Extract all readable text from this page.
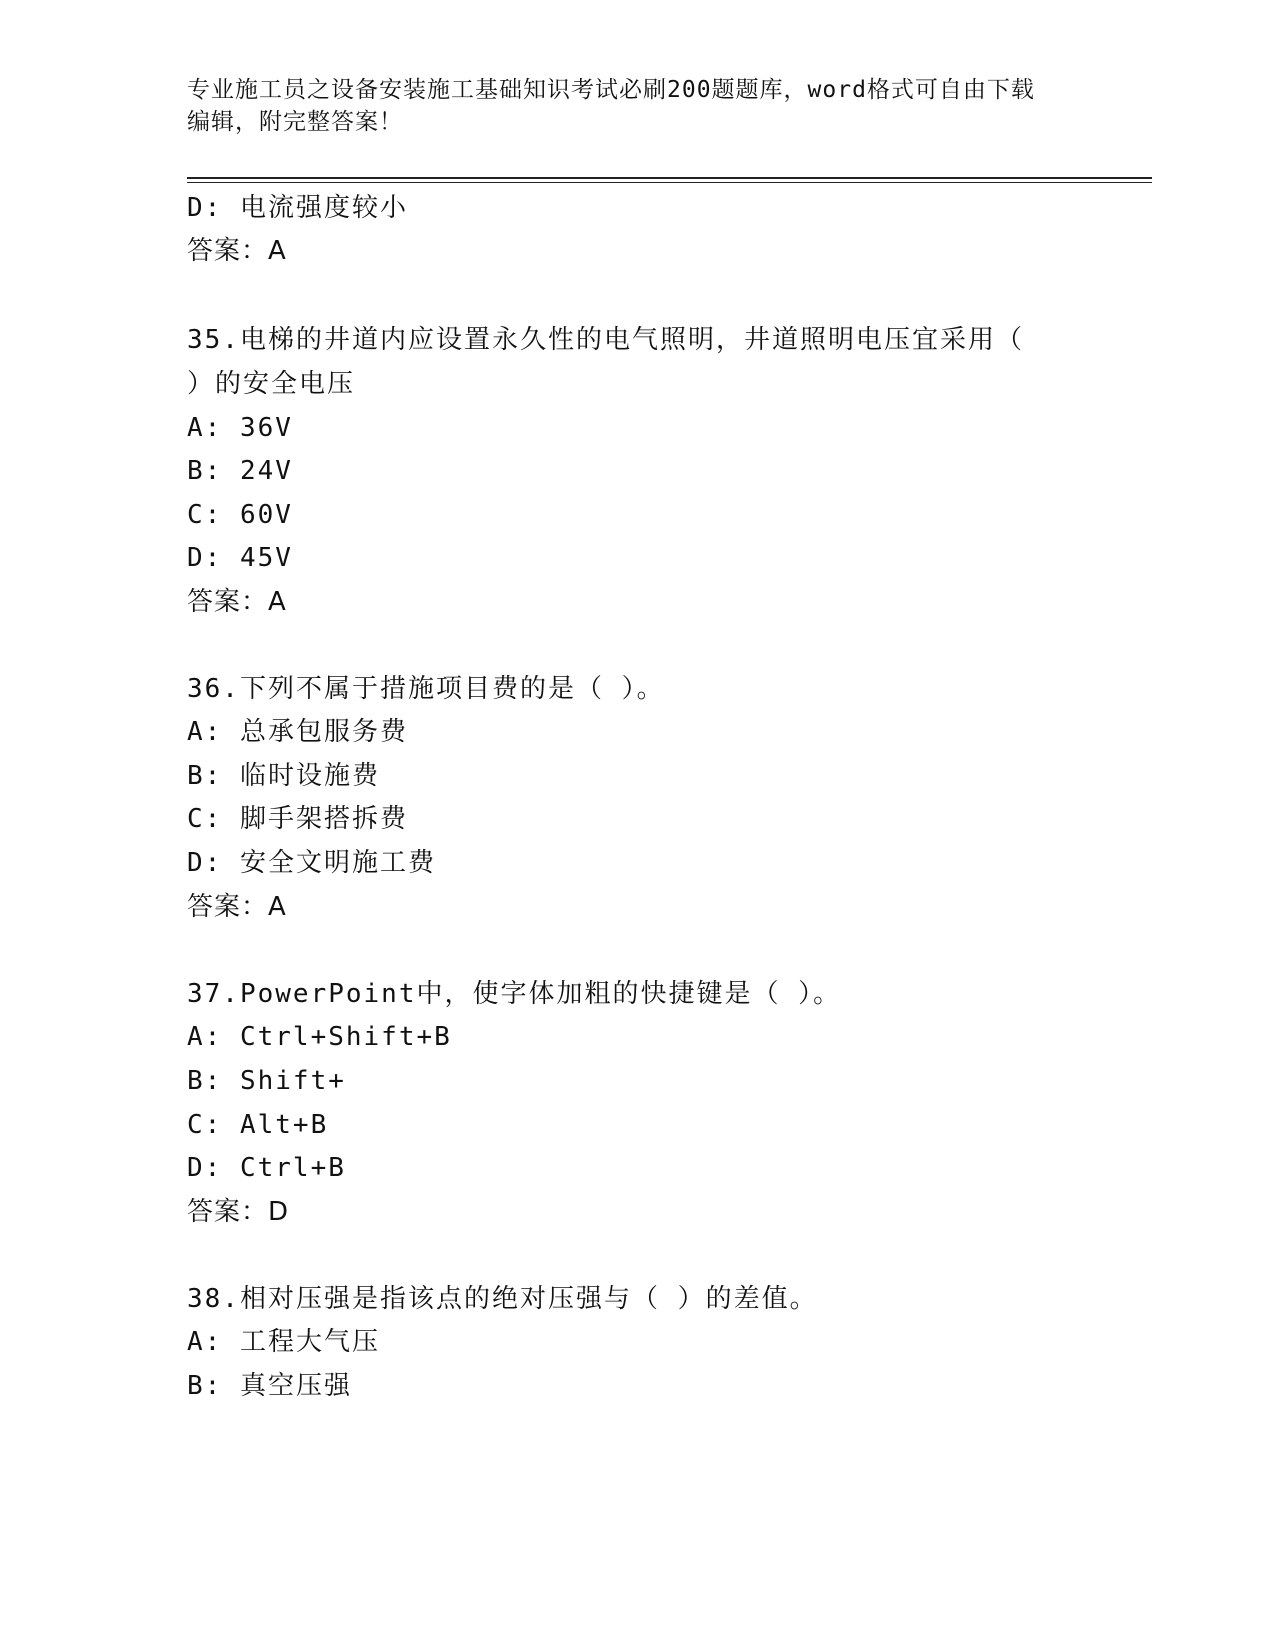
专业施工员之设备安装施工基础知识考试必刷200题题库，word格式可自由下载
编辑，附完整答案！
D: 电流强度较小
答案：A
35.电梯的井道内应设置永久性的电气照明，井道照明电压宜采用（
）的安全电压
A: 36V
B: 24V
C: 60V
D: 45V
答案：A
36.下列不属于措施项目费的是（ ）。
A: 总承包服务费
B: 临时设施费
C: 脚手架搭拆费
D: 安全文明施工费
答案：A
37.PowerPoint中，使字体加粗的快捷键是（ ）。
A: Ctrl+Shift+B
B: Shift+
C: Alt+B
D: Ctrl+B
答案：D
38.相对压强是指该点的绝对压强与（ ）的差值。
A: 工程大气压
B: 真空压强
